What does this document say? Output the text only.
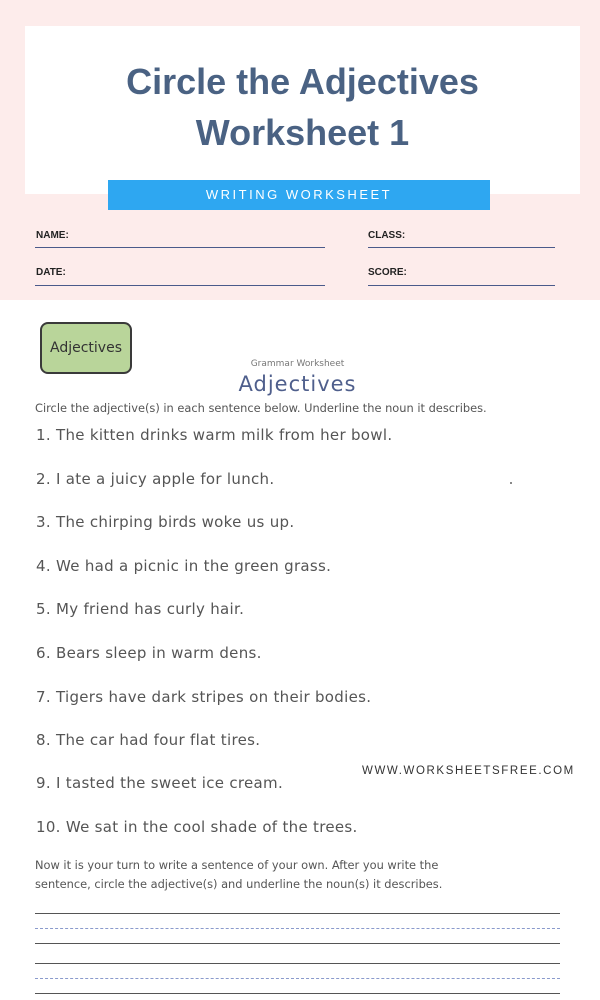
Circle the Adjectives
Worksheet 1
WRITING WORKSHEET
NAME:	CLASS:
DATE:	SCORE:
Adjectives
Grammar Worksheet
Adjectives
Circle the adjective(s) in each sentence below. Underline the noun it describes.
1. The kitten drinks warm milk from her bowl.
2. I ate a juicy apple for lunch.
3. The chirping birds woke us up.
4. We had a picnic in the green grass.
5. My friend has curly hair.
6. Bears sleep in warm dens.
7. Tigers have dark stripes on their bodies.
8. The car had four flat tires.
9. I tasted the sweet ice cream.
10. We sat in the cool shade of the trees.
WWW.WORKSHEETSFREE.COM
Now it is your turn to write a sentence of your own. After you write the
sentence, circle the adjective(s) and underline the noun(s) it describes.
